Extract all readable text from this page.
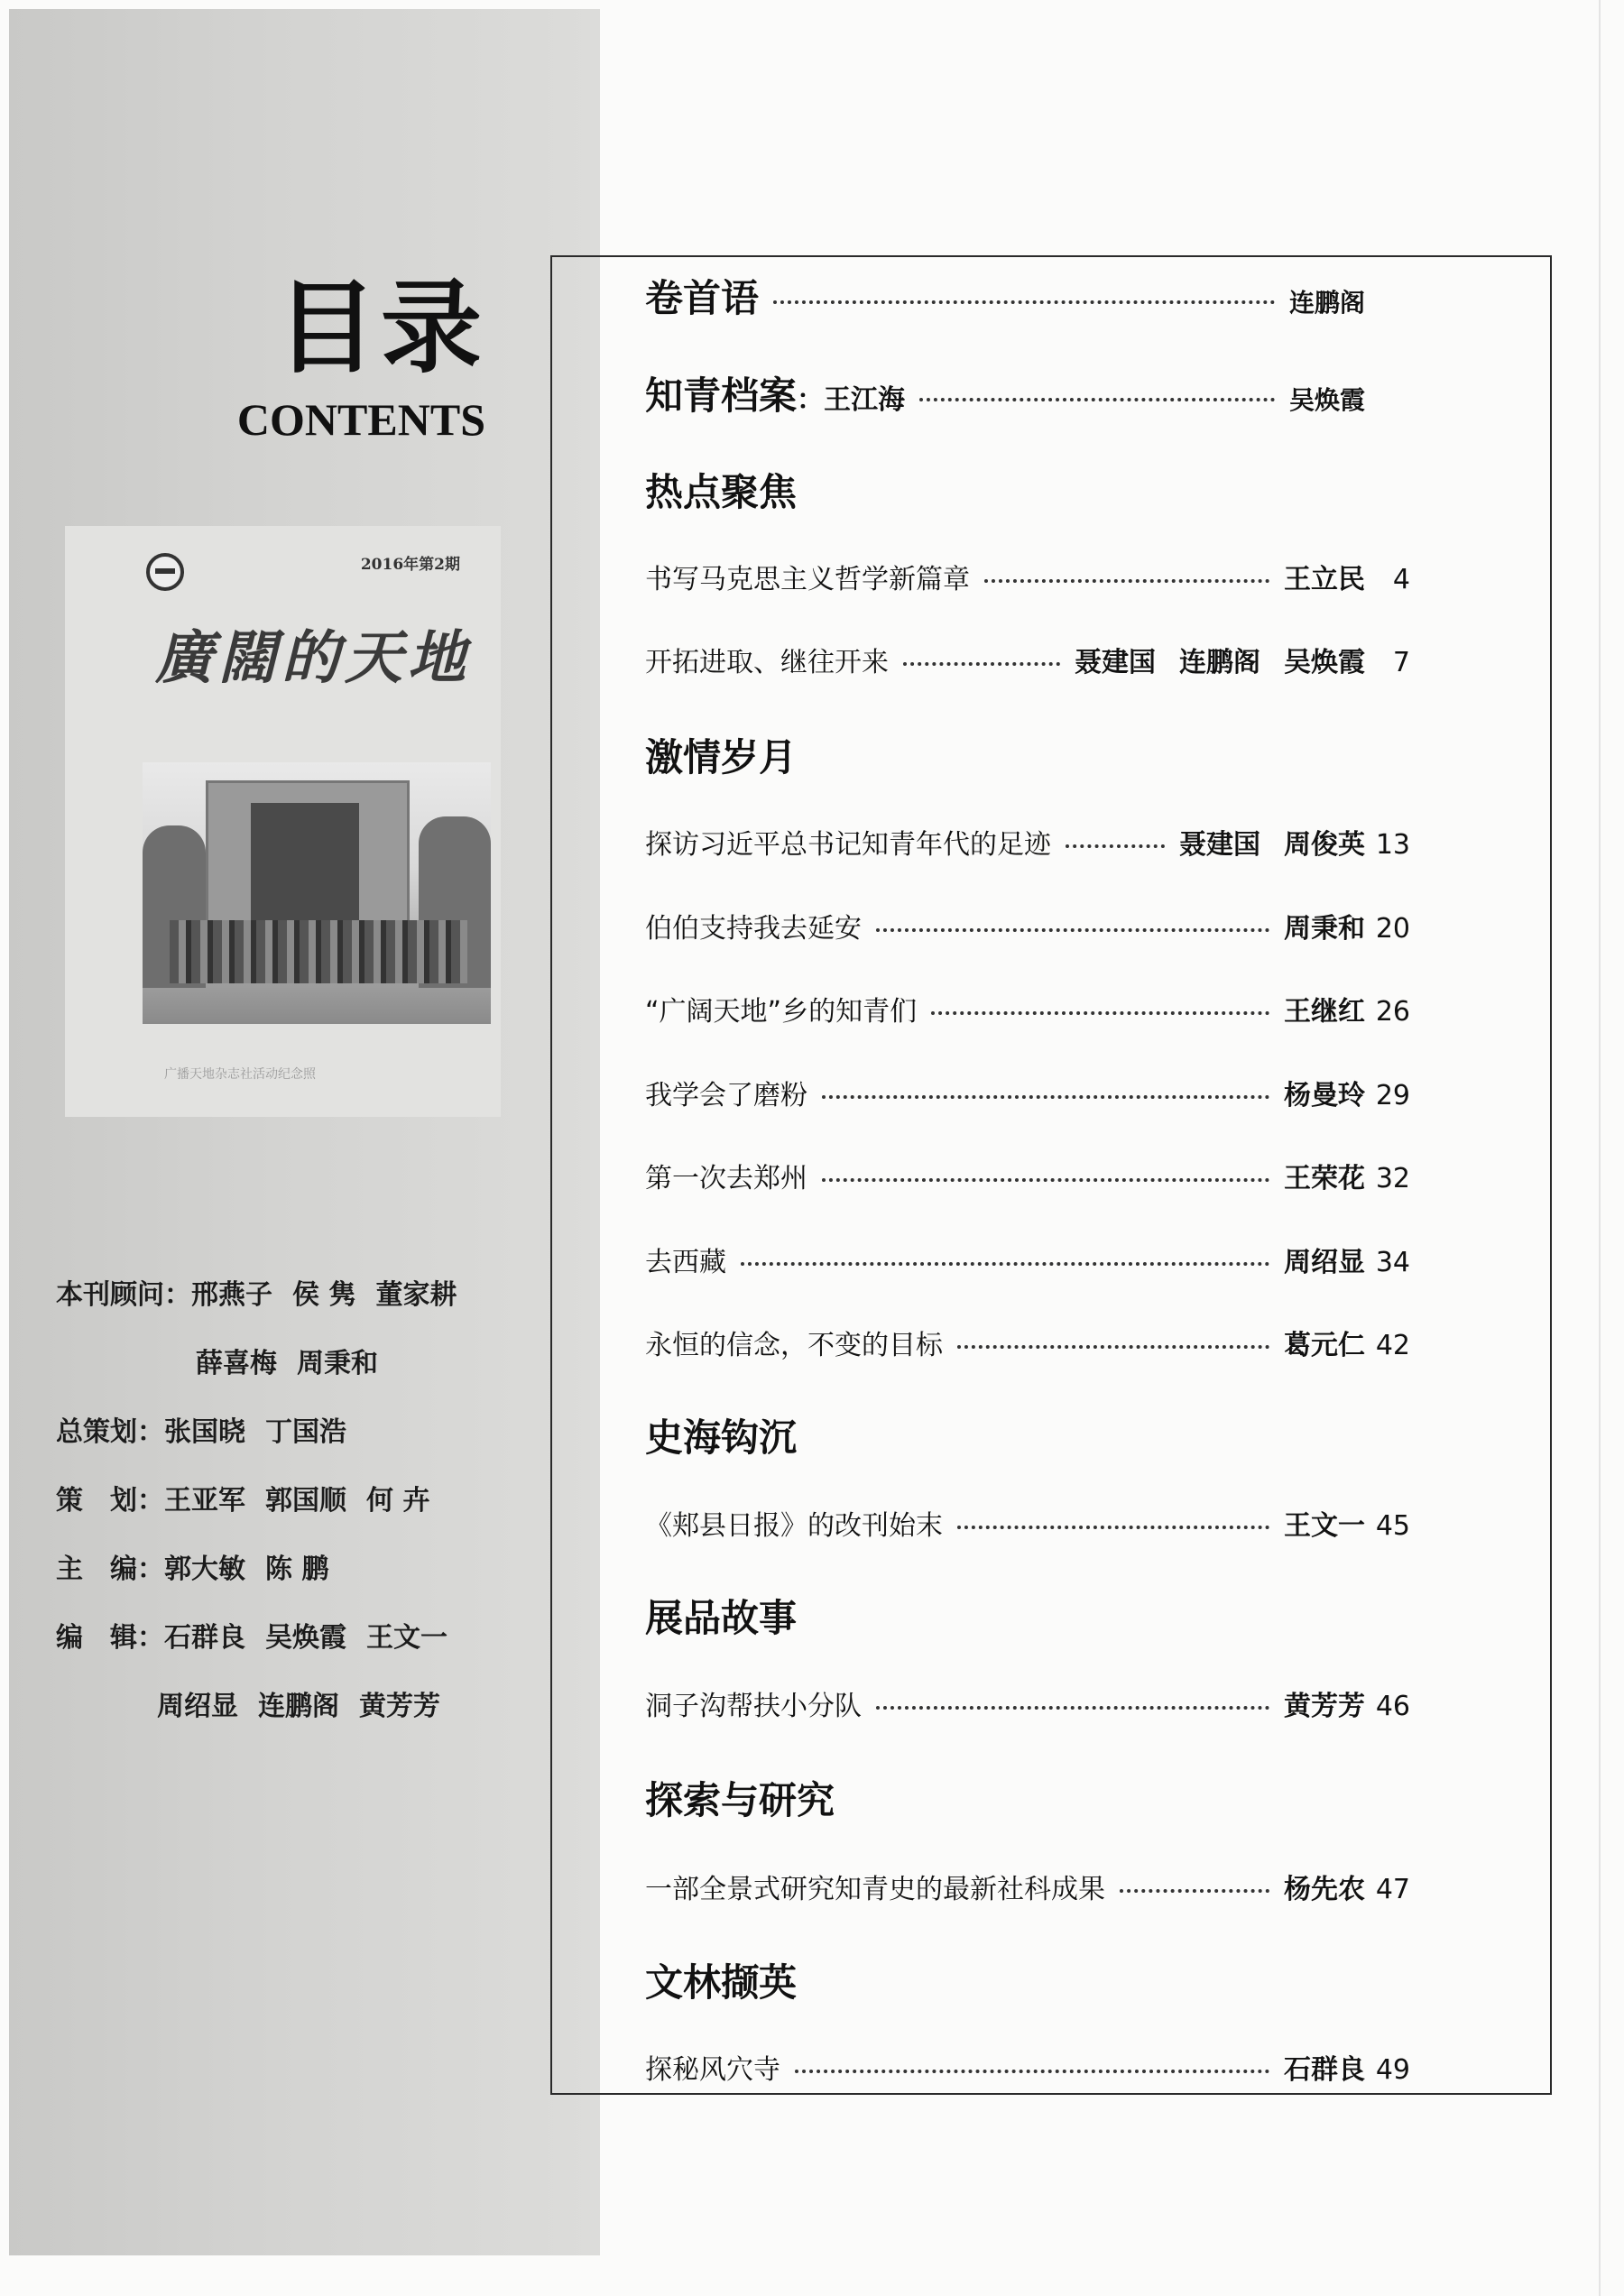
目录
CONTENTS
2016年第2期
廣闊的天地
广播天地杂志社活动纪念照
本刊顾问：邢燕子 侯 隽 董家耕
薛喜梅 周秉和
总策划：张国晓 丁国浩
策　划：王亚军 郭国顺 何 卉
主　编：郭大敏 陈 鹏
编　辑：石群良 吴焕霞 王文一
周绍显 连鹏阁 黄芳芳
卷首语	连鹏阁
知青档案 ：王江海	吴焕霞
热点聚焦
书写马克思主义哲学新篇章	王立民 4
开拓进取、继往开来	聂建国 连鹏阁 吴焕霞 7
激情岁月
探访习近平总书记知青年代的足迹	聂建国 周俊英 13
伯伯支持我去延安	周秉和 20
“广阔天地”乡的知青们	王继红 26
我学会了磨粉	杨曼玲 29
第一次去郑州	王荣花 32
去西藏	周绍显 34
永恒的信念，不变的目标	葛元仁 42
史海钩沉
《郏县日报》的改刊始末	王文一 45
展品故事
洞子沟帮扶小分队	黄芳芳 46
探索与研究
一部全景式研究知青史的最新社科成果	杨先农 47
文林撷英
探秘风穴寺	石群良 49
